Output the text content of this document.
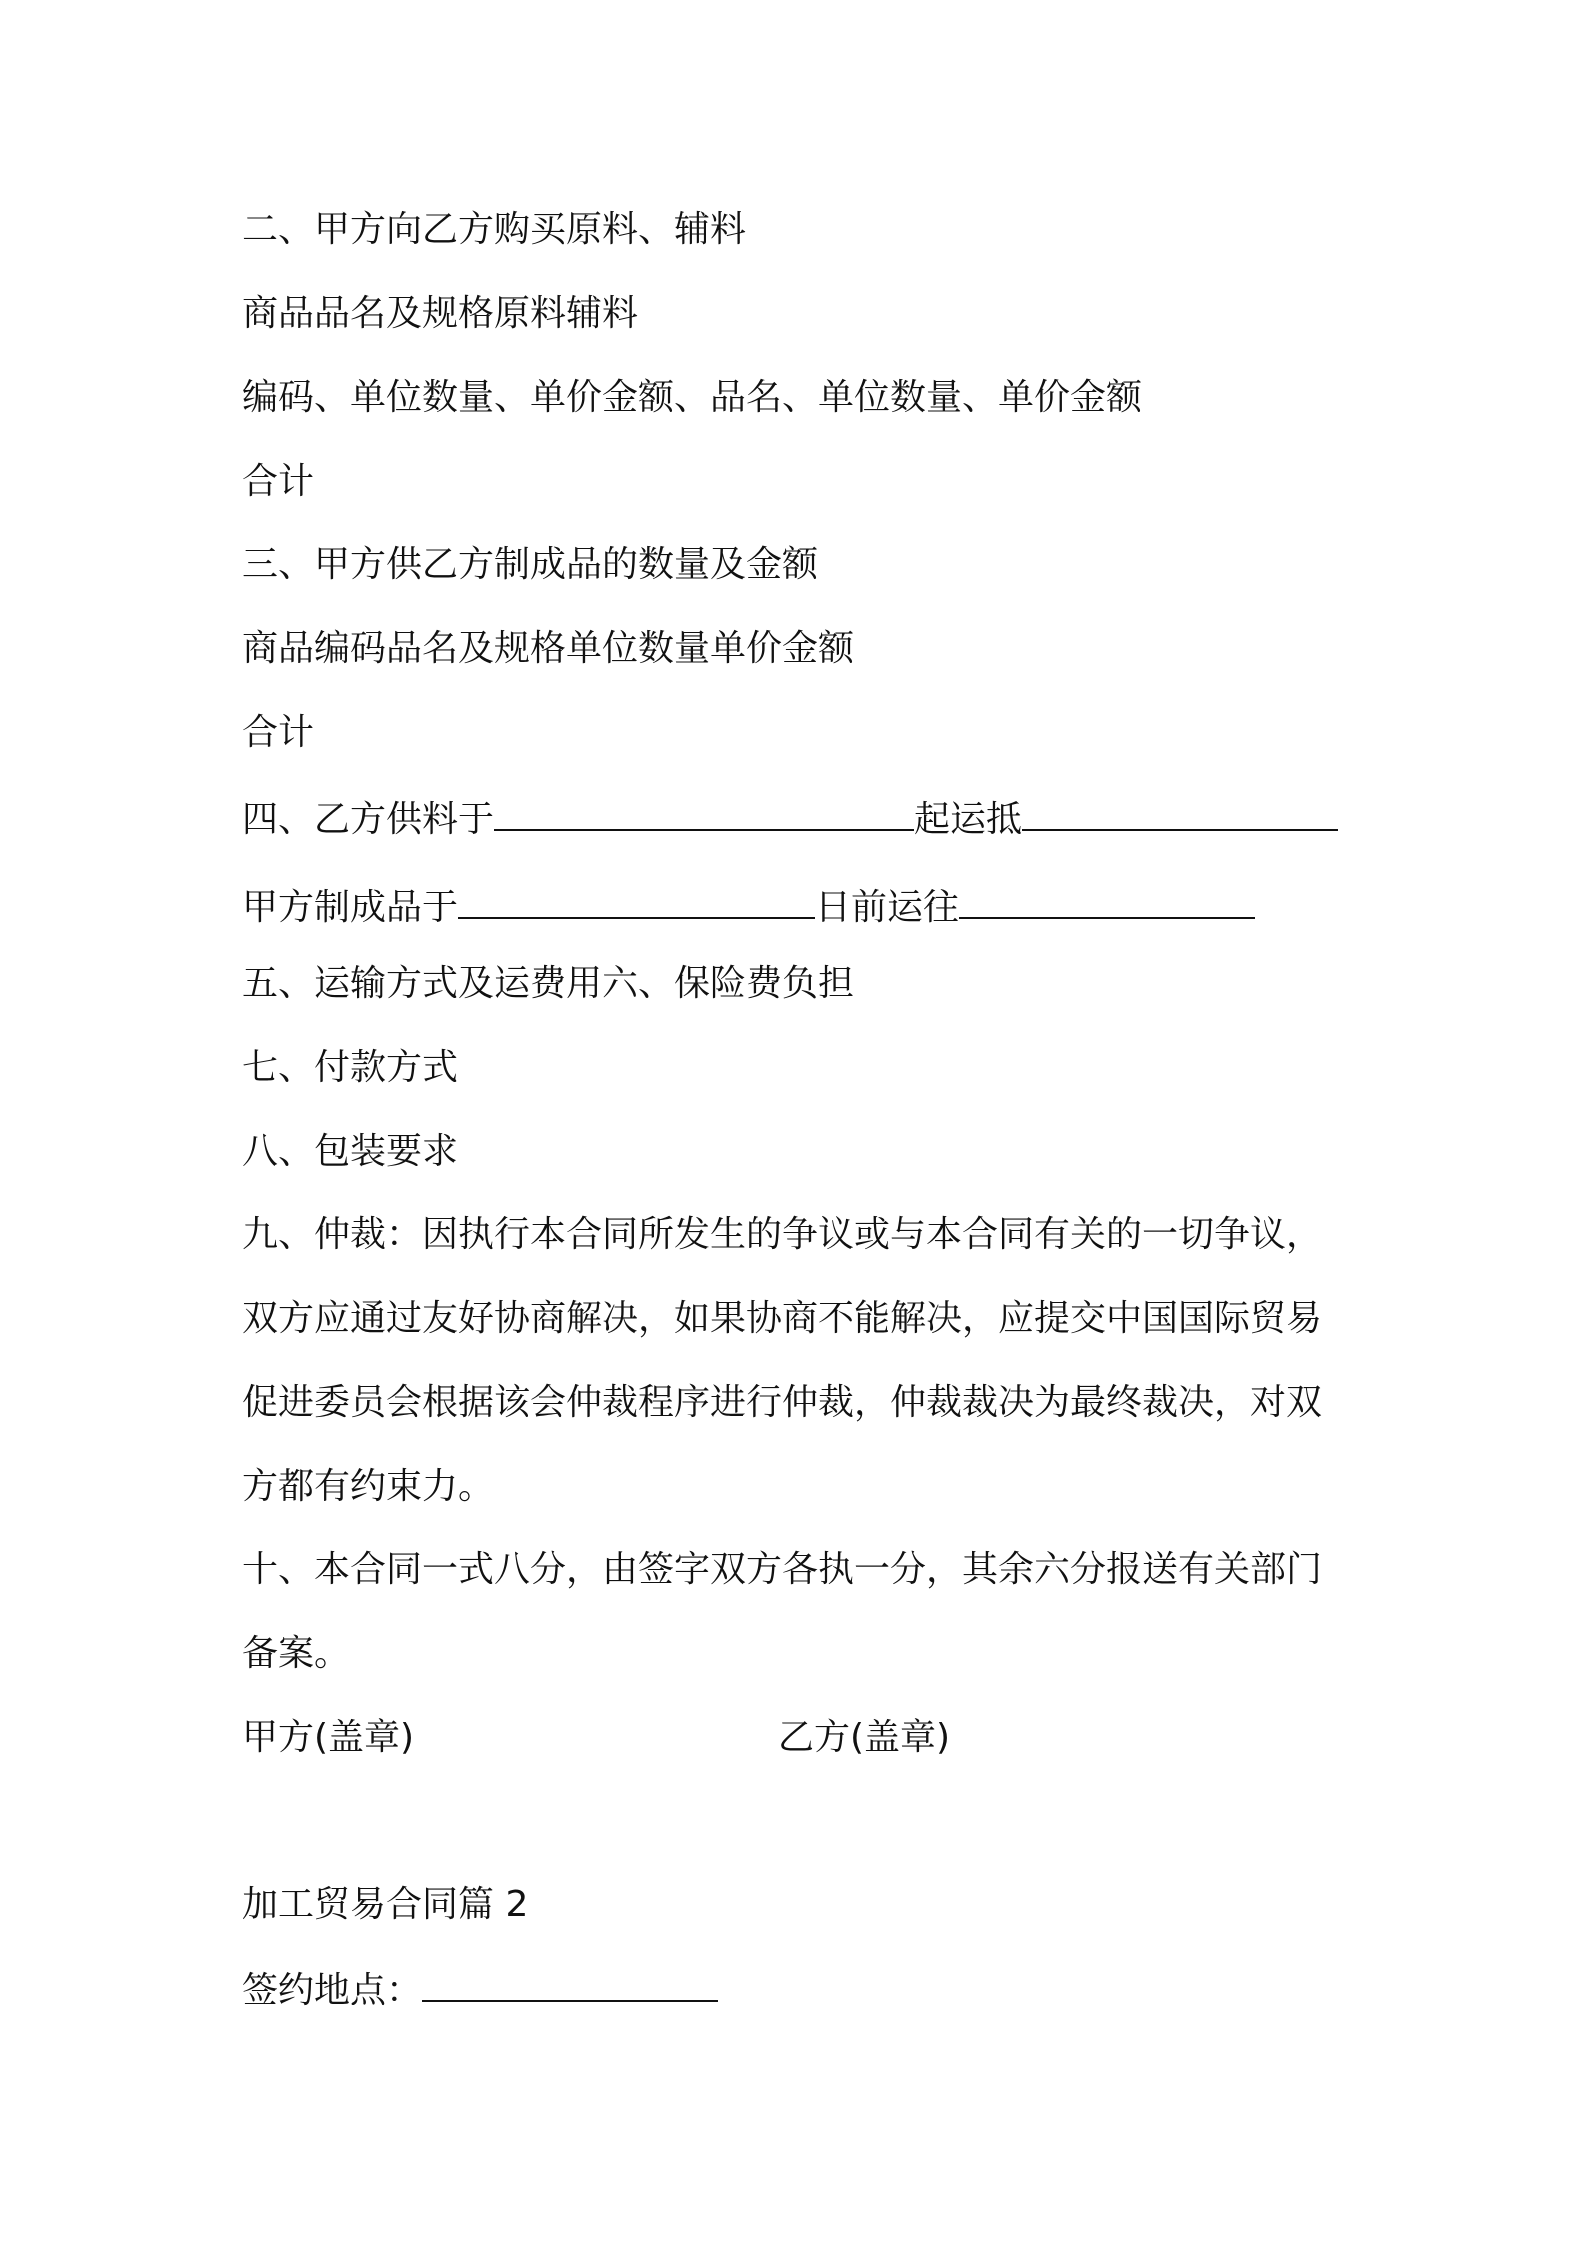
二、甲方向乙方购买原料、辅料

商品品名及规格原料辅料

编码、单位数量、单价金额、品名、单位数量、单价金额

合计

三、甲方供乙方制成品的数量及金额

商品编码品名及规格单位数量单价金额

合计

四、乙方供料于	起运抵

甲方制成品于	日前运往

五、运输方式及运费用六、保险费负担

七、付款方式

八、包装要求

九、仲裁：因执行本合同所发生的争议或与本合同有关的一切争议，

双方应通过友好协商解决，如果协商不能解决，应提交中国国际贸易

促进委员会根据该会仲裁程序进行仲裁，仲裁裁决为最终裁决，对双

方都有约束力。

十、本合同一式八分，由签字双方各执一分，其余六分报送有关部门

备案。

甲方(盖章)	乙方(盖章)

加工贸易合同篇 2

签约地点：
